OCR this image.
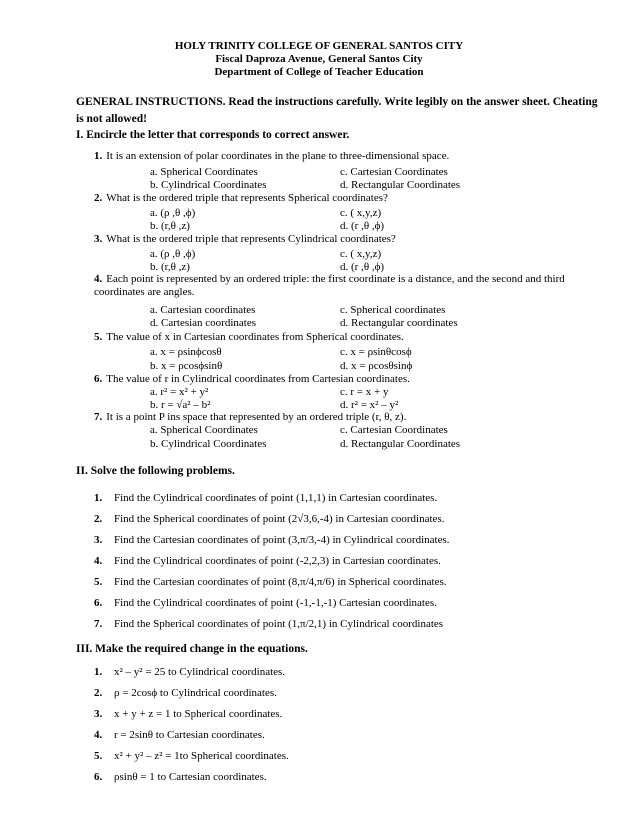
HOLY TRINITY COLLEGE OF GENERAL SANTOS CITY
Fiscal Daproza Avenue, General Santos City
Department of College of Teacher Education
GENERAL INSTRUCTIONS. Read the instructions carefully. Write legibly on the answer sheet. Cheating is not allowed!
I. Encircle the letter that corresponds to correct answer.
1. It is an extension of polar coordinates in the plane to three-dimensional space.
a. Spherical Coordinates	c. Cartesian Coordinates
b. Cylindrical Coordinates	d. Rectangular Coordinates
2. What is the ordered triple that represents Spherical coordinates?
a. (ρ ,θ ,ϕ)	c. ( x,y,z)
b. (r,θ ,z)	d. (r ,θ ,ϕ)
3. What is the ordered triple that represents Cylindrical coordinates?
a. (ρ ,θ ,ϕ)	c. ( x,y,z)
b. (r,θ ,z)	d. (r ,θ ,ϕ)
4. Each point is represented by an ordered triple: the first coordinate is a distance, and the second and third coordinates are angles.
a. Cartesian coordinates	c. Spherical coordinates
d. Cartesian coordinates	d. Rectangular coordinates
5. The value of x in Cartesian coordinates from Spherical coordinates.
a. x = ρsinϕcosθ	c. x = ρsinθcosϕ
b. x = ρcosϕsinθ	d. x = ρcosθsinϕ
6. The value of r in Cylindrical coordinates from Cartesian coordinates.
a. r² = x² + y²	c. r = x + y
b. r = √a² – b²	d. r² = x² – y²
7. It is a point P ins space that represented by an ordered triple (r, θ, z).
a. Spherical Coordinates	c. Cartesian Coordinates
b. Cylindrical Coordinates	d. Rectangular Coordinates
II. Solve the following problems.
1. Find the Cylindrical coordinates of point (1,1,1) in Cartesian coordinates.
2. Find the Spherical coordinates of point (2√3,6,-4) in Cartesian coordinates.
3. Find the Cartesian coordinates of point (3,π/3,-4) in Cylindrical coordinates.
4. Find the Cylindrical coordinates of point (-2,2,3) in Cartesian coordinates.
5. Find the Cartesian coordinates of point (8,π/4,π/6) in Spherical coordinates.
6. Find the Cylindrical coordinates of point (-1,-1,-1) Cartesian coordinates.
7. Find the Spherical coordinates of point (1,π/2,1) in Cylindrical coordinates
III. Make the required change in the equations.
1. x² – y² = 25 to Cylindrical coordinates.
2. ρ = 2cosϕ to Cylindrical coordinates.
3. x + y + z = 1 to Spherical coordinates.
4. r = 2sinθ to Cartesian coordinates.
5. x² + y² – z² = 1to Spherical coordinates.
6. ρsinθ = 1 to Cartesian coordinates.
